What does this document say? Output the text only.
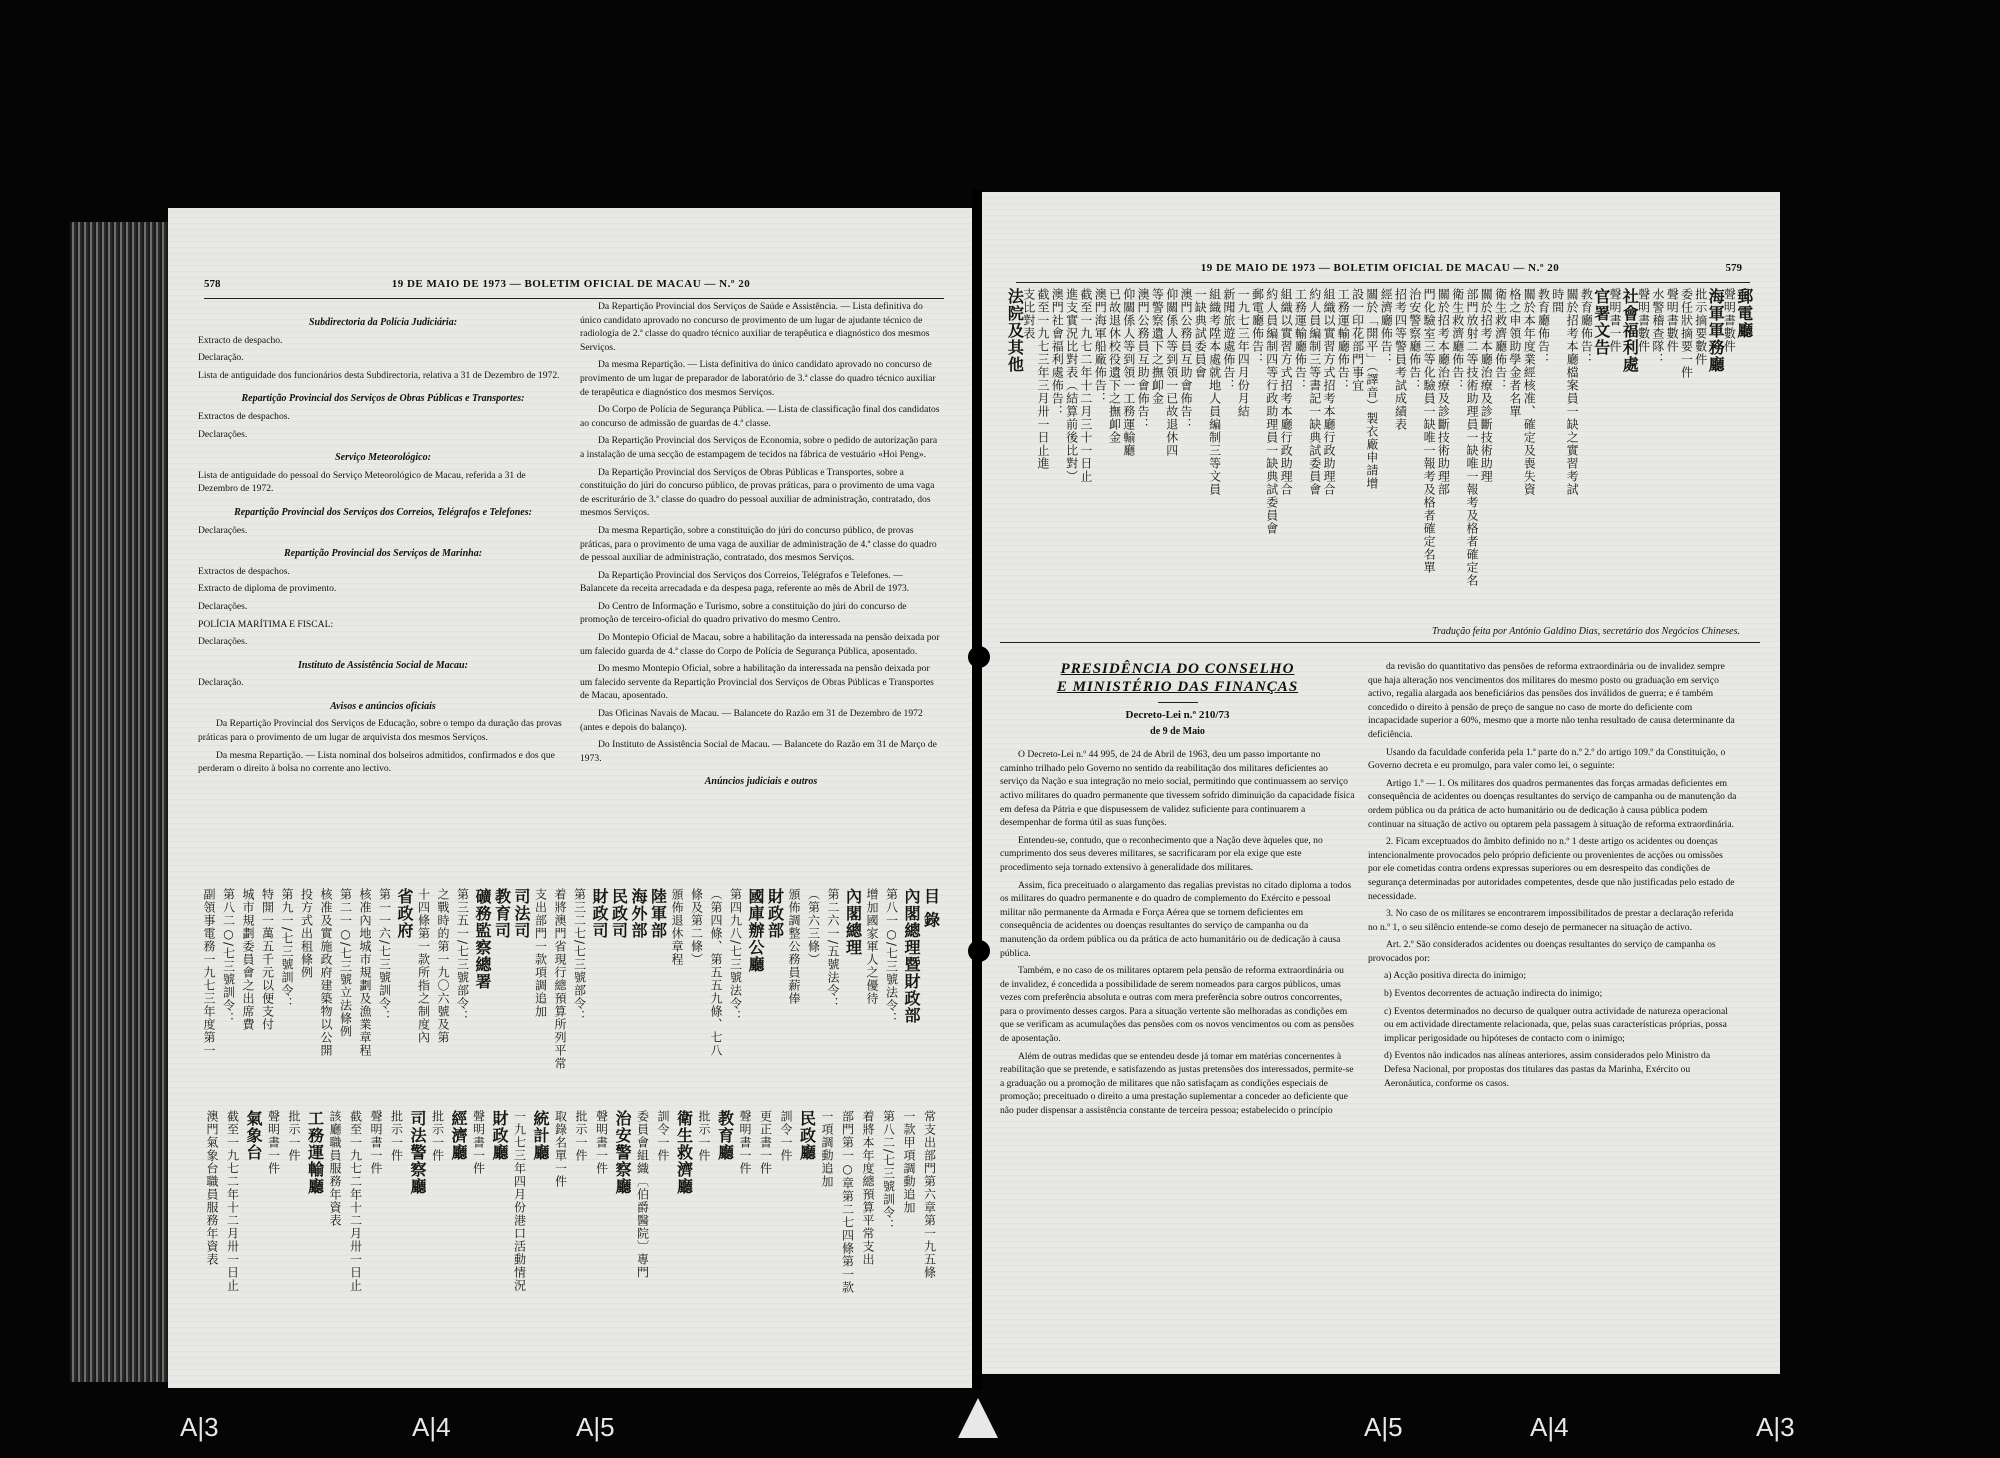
578	19 DE MAIO DE 1973 — BOLETIM OFICIAL DE MACAU — N.º 20
Subdirectoria da Polícia Judiciária:

Extracto de despacho.

Declaração.

Lista de antiguidade dos funcionários desta Subdirectoria, relativa a 31 de Dezembro de 1972.

Repartição Provincial dos Serviços de Obras Públicas e Transportes:

Extractos de despachos.

Declarações.

Serviço Meteorológico:

Lista de antiguidade do pessoal do Serviço Meteorológico de Macau, referida a 31 de Dezembro de 1972.

Repartição Provincial dos Serviços dos Correios, Telégrafos e Telefones:

Declarações.

Repartição Provincial dos Serviços de Marinha:

Extractos de despachos.

Extracto de diploma de provimento.

Declarações.

POLÍCIA MARÍTIMA E FISCAL:

Declarações.

Instituto de Assistência Social de Macau:

Declaração.

Avisos e anúncios oficiais

Da Repartição Provincial dos Serviços de Educação, sobre o tempo da duração das provas práticas para o provimento de um lugar de arquivista dos mesmos Serviços.

Da mesma Repartição. — Lista nominal dos bolseiros admitidos, confirmados e dos que perderam o direito à bolsa no corrente ano lectivo.

Da Repartição Provincial dos Serviços de Saúde e Assistência. — Lista definitiva do único candidato aprovado no concurso de provimento de um lugar de ajudante técnico de radiologia de 2.ª classe do quadro técnico auxiliar de terapêutica e diagnóstico dos mesmos Serviços.

Da mesma Repartição. — Lista definitiva do único candidato aprovado no concurso de provimento de um lugar de preparador de laboratório de 3.ª classe do quadro técnico auxiliar de terapêutica e diagnóstico dos mesmos Serviços.

Do Corpo de Polícia de Segurança Pública. — Lista de classificação final dos candidatos ao concurso de admissão de guardas de 4.ª classe.

Da Repartição Provincial dos Serviços de Economia, sobre o pedido de autorização para a instalação de uma secção de estampagem de tecidos na fábrica de vestuário «Hoi Peng».

Da Repartição Provincial dos Serviços de Obras Públicas e Transportes, sobre a constituição do júri do concurso público, de provas práticas, para o provimento de uma vaga de escriturário de 3.ª classe do quadro do pessoal auxiliar de administração, contratado, dos mesmos Serviços.

Da mesma Repartição, sobre a constituição do júri do concurso público, de provas práticas, para o provimento de uma vaga de auxiliar de administração de 4.ª classe do quadro de pessoal auxiliar de administração, contratado, dos mesmos Serviços.

Da Repartição Provincial dos Serviços dos Correios, Telégrafos e Telefones. — Balancete da receita arrecadada e da despesa paga, referente ao mês de Abril de 1973.

Do Centro de Informação e Turismo, sobre a constituição do júri do concurso de promoção de terceiro-oficial do quadro privativo do mesmo Centro.

Do Montepio Oficial de Macau, sobre a habilitação da interessada na pensão deixada por um falecido guarda de 4.ª classe do Corpo de Polícia de Segurança Pública, aposentado.

Do mesmo Montepio Oficial, sobre a habilitação da interessada na pensão deixada por um falecido servente da Repartição Provincial dos Serviços de Obras Públicas e Transportes de Macau, aposentado.

Das Oficinas Navais de Macau. — Balancete do Razão em 31 de Dezembro de 1972 (antes e depois do balanço).

Do Instituto de Assistência Social de Macau. — Balancete do Razão em 31 de Março de 1973.

Anúncios judiciais e outros
目 錄
內閣總理暨財政部
第八一○/七三號法令：
增加國家軍人之優待
內閣總理
第二六一/五號法令：
（第六三條）
頒佈調整公務員薪俸
財政部
國庫辦公廳
第四九八/七三號法令：
（第四條、第五五九條、七八
條及第二條）
頒佈退休章程
陸軍部
海外部
民政司
財政司
第三二七/七三號部令：
着將澳門省現行總預算所列平常
支出部門一款項調追加
司法司
教育司
礦務監察總署
第三五一/七三號部令：
之戰時的第一九〇六號及第
十四條第一款所指之制度內
省政府
第一一六/七三號訓令：
核准內地城市規劃及漁業章程
第二一○/七三號立法條例
核准及實施政府建築物以公開
投方式出租條例
第九一/七三號訓令：
特開一萬五千元以便支付
城市規劃委員會之出席費
第八二○/七三號訓令：
副領事電務一九七三年度第一
常支出部門第六章第一九五條
一款甲項調動追加
第八二/七三號訓令：
着將本年度總預算平常支出
部門第一○章第二七四條第一款
一項調動追加
民政廳
訓令一件
更正書一件
聲明書一件
教育廳
批示一件
衛生救濟廳
訓令一件
委員會組織〔伯爵醫院〕專門
治安警察廳
聲明書一件
批示一件
取錄名單一件
統計廳
一九七三年四月份港口活動情況
財政廳
聲明書一件
經濟廳
批示一件
司法警察廳
批示一件
聲明書一件
截至一九七二年十二月卅一日止
該廳職員服務年資表
工務運輸廳
批示一件
聲明書一件
氣象台
截至一九七二年十二月卅一日止
澳門氣象台職員服務年資表
19 DE MAIO DE 1973 — BOLETIM OFICIAL DE MACAU — N.º 20	579
郵電廳
聲明書數件
海軍軍務廳
批示摘要數件
委任狀摘要一件
聲明書數件
水警稽查隊：
聲明書數件
社會福利處
聲明書一件
官署文告
教育廳佈告：
關於招考本廳檔案員一缺之實習考試
時間
教育廳佈告：
關於本年度業經核准、確定及喪失資
格之申領助學金者名單
衛生救濟廳佈告：
關於招考本廳治療及診斷技術助理
部門放射二等技術助理員一缺唯一報考及格者確定名
衛生救濟廳佈告：
關於招考本廳治療及診斷技術助理部
門化驗室三等化驗員一缺唯一報考及格者確定名單
治安警察廳佈告：
招考四等警員考試成績表
經濟廳佈告：
關於「開平」（譯音）製衣廠申請增
設一印花部門事宜
工務運輸廳佈告：
組織以實習方式招考本廳行政助理合
約人員編制三等書記一缺典試委員會
工務運輸廳佈告：
組織以實習方式招考本廳行政助理合
約人員編制四等行政助理員一缺典試委員會
郵電廳佈告：
一九七三年四月份月結
新聞旅遊處佈告：
組織考陞本處就地人員編制三等文員
一缺典試委員會
澳門公務員互助會佈告：
仰關係人等到領一已故退休四
等警察遺下之撫卹金
澳門公務員互助會佈告：
仰關係人等到領一工務運輸廳
已故退休校役遺下之撫卹金
澳門海軍船廠佈告：
截至一九七二年十二月三十一日止
進支實況比對表（結算前後比對）
澳門社會福利處佈告：
截至一九七三年三月卅一日止進
支比對表
法院及其他
Tradução feita por António Galdino Dias, secretário dos Negócios Chineses.
PRESIDÊNCIA DO CONSELHO
E MINISTÉRIO DAS FINANÇAS
Decreto-Lei n.º 210/73
de 9 de Maio

O Decreto-Lei n.º 44 995, de 24 de Abril de 1963, deu um passo importante no caminho trilhado pelo Governo no sentido da reabilitação dos militares deficientes ao serviço da Nação e sua integração no meio social, permitindo que continuassem ao serviço activo militares do quadro permanente que tivessem sofrido diminuição da capacidade física em defesa da Pátria e que dispusessem de validez suficiente para continuarem a desempenhar de forma útil as suas funções.

Entendeu-se, contudo, que o reconhecimento que a Nação deve àqueles que, no cumprimento dos seus deveres militares, se sacrificaram por ela exige que este procedimento seja tornado extensivo à generalidade dos militares.

Assim, fica preceituado o alargamento das regalias previstas no citado diploma a todos os militares do quadro permanente e do quadro de complemento do Exército e pessoal militar não permanente da Armada e Força Aérea que se tornem deficientes em consequência de acidentes ou doenças resultantes do serviço de campanha ou da manutenção da ordem pública ou da prática de acto humanitário ou de dedicação à causa pública.

Também, e no caso de os militares optarem pela pensão de reforma extraordinária ou de invalidez, é concedida a possibilidade de serem nomeados para cargos públicos, umas vezes com preferência absoluta e outras com mera preferência sobre outros concorrentes, para o provimento desses cargos. Para a situação vertente são melhoradas as condições em que se verificam as acumulações das pensões com os novos vencimentos ou com as pensões de aposentação.

Além de outras medidas que se entendeu desde já tomar em matérias concernentes à reabilitação que se pretende, e satisfazendo as justas pretensões dos interessados, permite-se a graduação ou a promoção de militares que não satisfaçam as condições especiais de promoção; preceituado o direito a uma prestação suplementar a conceder ao deficiente que não puder dispensar a assistência constante de terceira pessoa; estabelecido o princípio

da revisão do quantitativo das pensões de reforma extraordinária ou de invalidez sempre que haja alteração nos vencimentos dos militares do mesmo posto ou graduação em serviço activo, regalia alargada aos beneficiários das pensões dos inválidos de guerra; e é também concedido o direito à pensão de preço de sangue no caso de morte do deficiente com incapacidade superior a 60%, mesmo que a morte não tenha resultado de causa determinante da deficiência.

Usando da faculdade conferida pela 1.ª parte do n.º 2.º do artigo 109.º da Constituição, o Governo decreta e eu promulgo, para valer como lei, o seguinte:

Artigo 1.º — 1. Os militares dos quadros permanentes das forças armadas deficientes em consequência de acidentes ou doenças resultantes do serviço de campanha ou de manutenção da ordem pública ou da prática de acto humanitário ou de dedicação à causa pública podem continuar na situação de activo ou optarem pela passagem à situação de reforma extraordinária.

2. Ficam exceptuados do âmbito definido no n.º 1 deste artigo os acidentes ou doenças intencionalmente provocados pelo próprio deficiente ou provenientes de acções ou omissões por ele cometidas contra ordens expressas superiores ou em desrespeito das condições de segurança determinadas por autoridades competentes, desde que não justificadas pelo estado de necessidade.

3. No caso de os militares se encontrarem impossibilitados de prestar a declaração referida no n.º 1, o seu silêncio entende-se como desejo de permanecer na situação de activo.

Art. 2.º São considerados acidentes ou doenças resultantes do serviço de campanha os provocados por:

a) Acção positiva directa do inimigo;

b) Eventos decorrentes de actuação indirecta do inimigo;

c) Eventos determinados no decurso de qualquer outra actividade de natureza operacional ou em actividade directamente relacionada, que, pelas suas características próprias, possa implicar perigosidade ou hipóteses de contacto com o inimigo;

d) Eventos não indicados nas alíneas anteriores, assim considerados pelo Ministro da Defesa Nacional, por propostas dos titulares das pastas da Marinha, Exército ou Aeronáutica, conforme os casos.

A|3	A|4	A|5	A|5	A|4	A|3
